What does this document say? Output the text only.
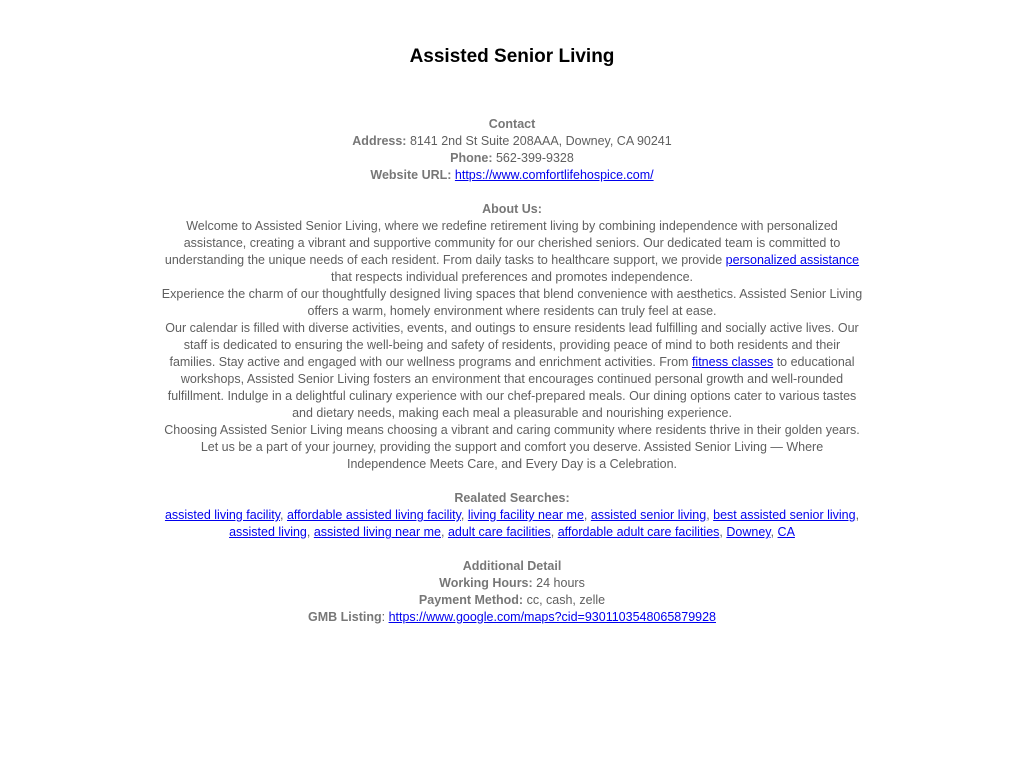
Assisted Senior Living

Contact

Address: 8141 2nd St Suite 208AAA, Downey, CA 90241

Phone: 562-399-9328

Website URL: https://www.comfortlifehospice.com/

About Us:

Welcome to Assisted Senior Living, where we redefine retirement living by combining independence with personalized assistance, creating a vibrant and supportive community for our cherished seniors. Our dedicated team is committed to understanding the unique needs of each resident. From daily tasks to healthcare support, we provide personalized assistance that respects individual preferences and promotes independence.

Experience the charm of our thoughtfully designed living spaces that blend convenience with aesthetics. Assisted Senior Living offers a warm, homely environment where residents can truly feel at ease.

Our calendar is filled with diverse activities, events, and outings to ensure residents lead fulfilling and socially active lives. Our staff is dedicated to ensuring the well-being and safety of residents, providing peace of mind to both residents and their families. Stay active and engaged with our wellness programs and enrichment activities. From fitness classes to educational workshops, Assisted Senior Living fosters an environment that encourages continued personal growth and well-rounded fulfillment. Indulge in a delightful culinary experience with our chef-prepared meals. Our dining options cater to various tastes and dietary needs, making each meal a pleasurable and nourishing experience.

Choosing Assisted Senior Living means choosing a vibrant and caring community where residents thrive in their golden years. Let us be a part of your journey, providing the support and comfort you deserve. Assisted Senior Living — Where Independence Meets Care, and Every Day is a Celebration.

Realated Searches:

assisted living facility, affordable assisted living facility, living facility near me, assisted senior living, best assisted senior living, assisted living, assisted living near me, adult care facilities, affordable adult care facilities, Downey, CA

Additional Detail

Working Hours: 24 hours

Payment Method: cc, cash, zelle

GMB Listing: https://www.google.com/maps?cid=9301103548065879928
